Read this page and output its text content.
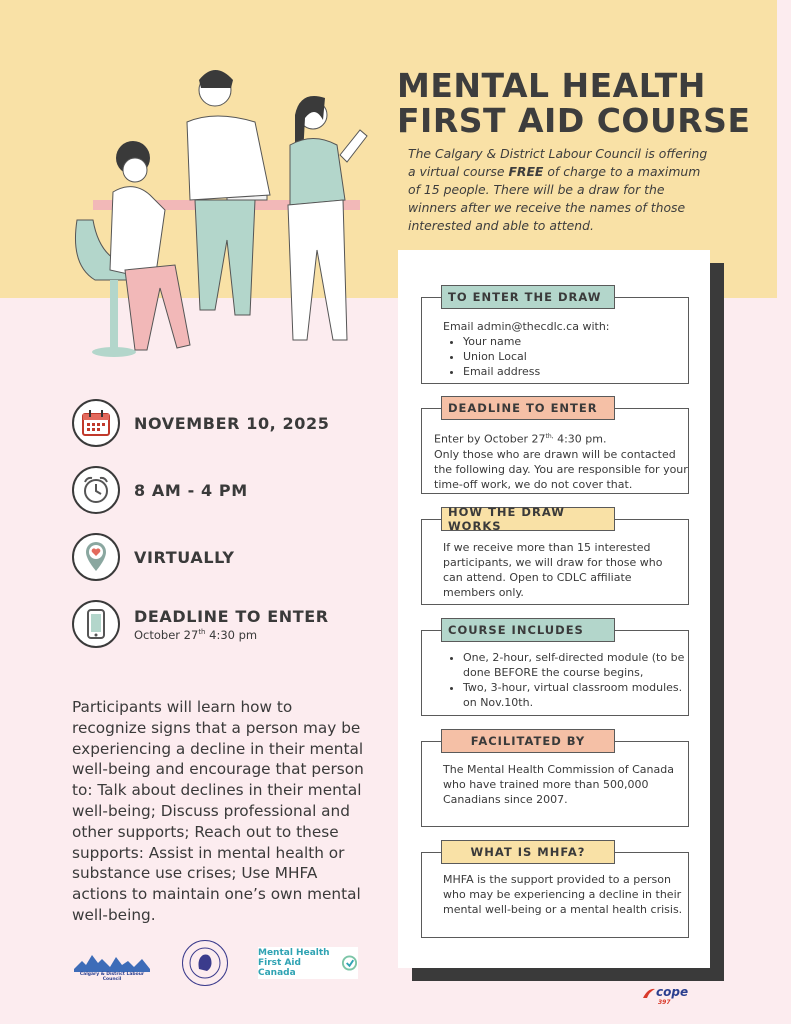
MENTAL HEALTH
FIRST AID COURSE
The Calgary & District Labour Council is offering a virtual course FREE of charge to a maximum of 15 people. There will be a draw for the winners after we receive the names of those interested and able to attend.
NOVEMBER 10, 2025
8 AM - 4 PM
VIRTUALLY
DEADLINE TO ENTER
October 27th 4:30 pm
Participants will learn how to recognize signs that a person may be experiencing a decline in their mental well-being and encourage that person to: Talk about declines in their mental well-being; Discuss professional and other supports; Reach out to these supports: Assist in mental health or substance use crises; Use MHFA actions to maintain one’s own mental well-being.
Calgary & District Labour Council
Mental Health
First Aid Canada
TO ENTER THE DRAW
Email admin@thecdlc.ca with:
• Your name
• Union Local
• Email address
DEADLINE TO ENTER
Enter by October $27^{th,}$ 4:30 pm.
Only those who are drawn will be contacted the following day. You are responsible for your time-off work, we do not cover that.
HOW THE DRAW WORKS
If we receive more than 15 interested participants, we will draw for those who can attend. Open to CDLC affiliate members only.
COURSE INCLUDES
• One, 2-hour, self-directed module (to be done BEFORE the course begins,
• Two, 3-hour, virtual classroom modules. on Nov.10th.
FACILITATED BY
The Mental Health Commission of Canada who have trained more than 500,000 Canadians since 2007.
WHAT IS MHFA?
MHFA is the support provided to a person who may be experiencing a decline in their mental well-being or a mental health crisis.
cope
397
